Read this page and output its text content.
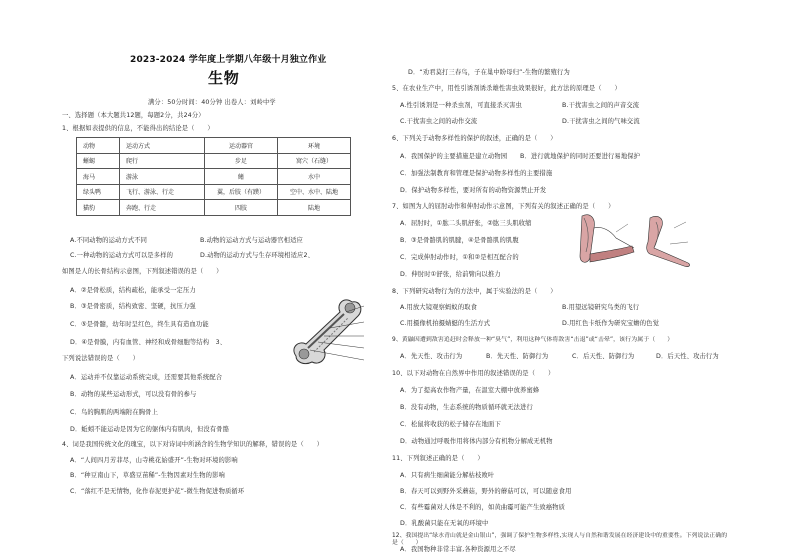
2023-2024 学年度上学期八年级十月独立作业
生物
满分：50分时间：40分钟 出卷人：刘岭中学
一、选择题（本大题共12题，每题2分，共24分）
1、根据如表提供的信息，不能得出的结论是（　　）
动物	运动方式	运动器官	环境
蜥蜴	爬行	步足	窝穴（石缝）
海马	游泳	鳍	水中
绿头鸭	飞行、游泳、行走	翼，后肢（有蹼）	空中、水中、陆地
猫豹	奔跑、行走	四肢	陆地
A.不同动物的运动方式不同	B.动物的运动方式与运动器官相适应
C.一种动物的运动方式可以是多样的	D.动物的运动方式与生存环境相适应2、
如图是人的长骨结构示意图，下列叙述错误的是（　　）
A．②是骨松质，结构疏松，能承受一定压力
B．③是骨密质，结构致密、坚硬，抗压力强
C．⑤是骨髓，幼年时呈红色，终生具有造血功能
D．④是骨膜，内有血管、神经和成骨细胞等结构　3、
下列说法错误的是（　　）
A．运动并不仅靠运动系统完成，还需要其他系统配合
B．动物的某些运动形式，可以没有骨的参与
C．鸟的胸肌的两端附在胸骨上
D．蚯蚓不能运动是因为它的躯体内有肌肉，但没有骨骼
4、词是我国传统文化的瑰宝，以下对诗词中所涵含的生物学知识的解释，错误的是（　　）
A．“人间四月芳菲尽，山寺桃花始盛开”-生物对环境的影响
B．“种豆南山下，草盛豆苗稀”-生物因素对生物的影响
C．“落红不是无情物，化作春泥更护花”-微生物促进物质循环
D．“劝君莫打三春鸟，子在巢中盼母归”-生物的繁殖行为
5、在农业生产中，用性引诱剂诱杀雄性害虫效果很好，此方法的原理是（　　）
A.性引诱剂是一种杀虫剂，可直接杀灭害虫	B.干扰害虫之间的声音交流
C.干扰害虫之间的动作交流	D.干扰害虫之间的气味交流
6、下列关于动物多样性的保护的叙述，正确的是（　　）
A．我国保护的主要措施是建立动物园　　B．进行就地保护的同时还要进行易地保护
C．加强法制教育和管理是保护动物多样性的主要措施
D．保护动物多样性，要对所有的动物资源禁止开发
7、如图为人的屈肘动作和伸肘动作示意图，下列有关的叙述正确的是（　　）
A．屈肘时，①肱二头肌舒张，②肱三头肌收缩
B．③是骨骼肌的肌腱，④是骨骼肌的肌腹
C．完成伸肘动作时，①和②是相互配合的
D．伸肘时①舒张，给前臂向以推力
8、下列研究动物行为的方法中，属于实验法的是（　　）
A.用放大镜观察蚂蚁的取食	B.用望远镜研究鸟类的飞行
C.用摄像机拍摄蜻蜓的生活方式	D.用红色卡纸作为研究宝蟾的色觉
9、黄鼬因遭到敌害追赶时会释放一种“臭气”，利用这种气体将敌害“击退”或“击晕”，该行为属于（　　）
A．先天性、攻击行为	B．先天性、防御行为	C．后天性、防御行为	D．后天性、攻击行为
10、以下对动物在自然界中作用的叙述错误的是（　　）
A．为了提高农作物产量，在温室大棚中放养蜜蜂
B．没有动物，生态系统的物质循环就无法进行
C．松鼠将收获的松子储存在地面下
D．动物通过呼吸作用将体内部分有机物分解成无机物
11、下列叙述正确的是（　　）
A．只有病生细菌能分解枯枝败叶
B．春天可以到野外采蘑菇，野外的蘑菇可以，可以随意食用
C．有些霉菌对人体是不利的，如黄曲霉可能产生致癌物质
D．乳酸菌只能在无氧的环境中
12、我国提出“绿水青山就是金山银山”，强调了保护生物多样性,实现人与自然和谐发展在经济建设中的重要性。下列说法正确的是（　　）
A．我国物种非常丰富,各种资源用之不尽
